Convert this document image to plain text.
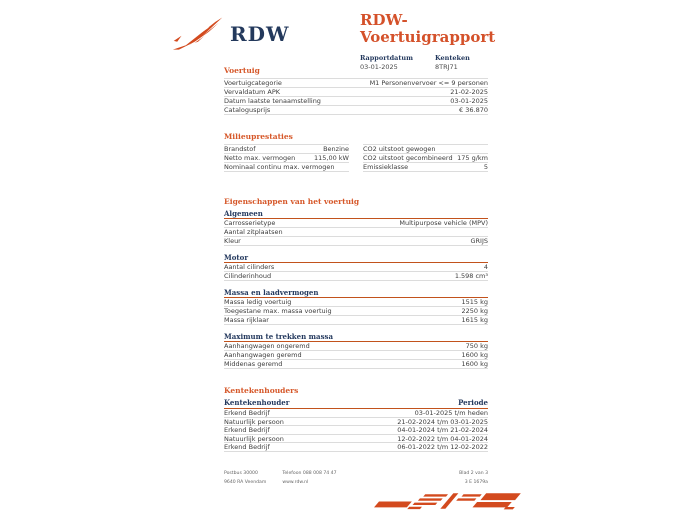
RDW
RDW-Voertuigrapport
Rapportdatum
03-01-2025
Kenteken
8TRJ71
Voertuig
Voertuigcategorie	M1 Personenvervoer <= 9 personen
Vervaldatum APK	21-02-2025
Datum laatste tenaamstelling	03-01-2025
Catalogusprijs	€ 36.870
Milieuprestaties
Brandstof	Benzine
Netto max. vermogen	115,00 kW
Nominaal continu max. vermogen
CO2 uitstoot gewogen
CO2 uitstoot gecombineerd 175 g/km
Emissieklasse	5
Eigenschappen van het voertuig
Algemeen
Carrosserietype	Multipurpose vehicle (MPV)
Aantal zitplaatsen
Kleur	GRIJS
Motor
Aantal cilinders	4
Cilinderinhoud	1.598 cm³
Massa en laadvermogen
Massa ledig voertuig	1515 kg
Toegestane max. massa voertuig	2250 kg
Massa rijklaar	1615 kg
Maximum te trekken massa
Aanhangwagen ongeremd	750 kg
Aanhangwagen geremd	1600 kg
Middenas geremd	1600 kg
Kentekenhouders
Kentekenhouder	Periode
Erkend Bedrijf	03-01-2025 t/m heden
Natuurlijk persoon	21-02-2024 t/m 03-01-2025
Erkend Bedrijf	04-01-2024 t/m 21-02-2024
Natuurlijk persoon	12-02-2022 t/m 04-01-2024
Erkend Bedrijf	06-01-2022 t/m 12-02-2022
Postbus 30000
9640 RA Veendam
Telefoon 088 008 74 47
www.rdw.nl
Blad 2 van 3
3 E 1679a
